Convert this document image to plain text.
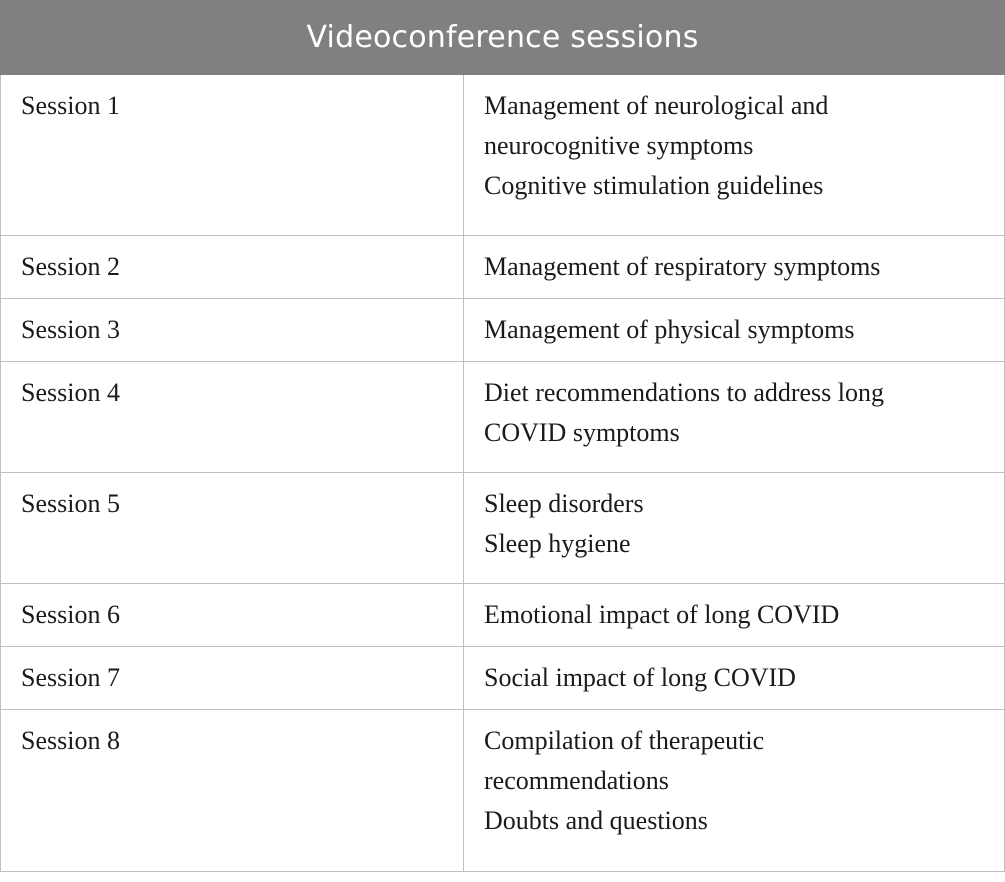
Videoconference sessions	

Session 1	Management of neurological and
neurocognitive symptoms
Cognitive stimulation guidelines

Session 2	Management of respiratory symptoms

Session 3	Management of physical symptoms

Session 4	Diet recommendations to address long
COVID symptoms

Session 5	Sleep disorders
Sleep hygiene

Session 6	Emotional impact of long COVID

Session 7	Social impact of long COVID

Session 8	Compilation of therapeutic
recommendations
Doubts and questions
